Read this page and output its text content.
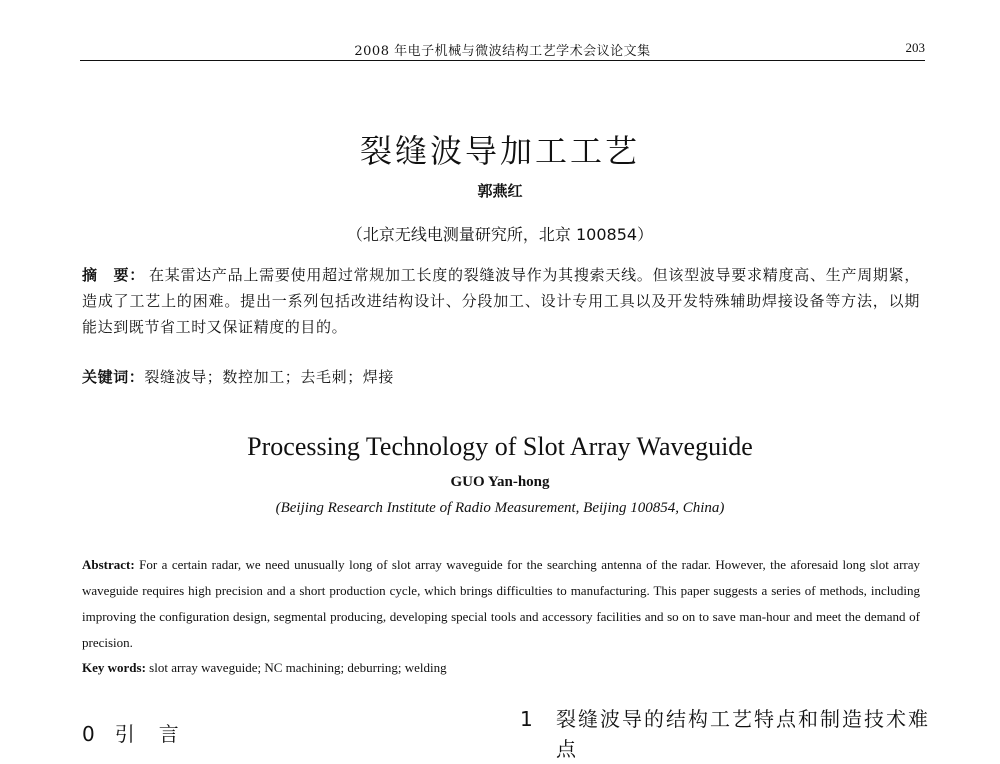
2008 年电子机械与微波结构工艺学术会议论文集	203
裂缝波导加工工艺
郭燕红
（北京无线电测量研究所，北京 100854）
摘　要： 在某雷达产品上需要使用超过常规加工长度的裂缝波导作为其搜索天线。但该型波导要求精度高、生产周期紧，造成了工艺上的困难。提出一系列包括改进结构设计、分段加工、设计专用工具以及开发特殊辅助焊接设备等方法，以期能达到既节省工时又保证精度的目的。
关键词：裂缝波导；数控加工；去毛刺；焊接
Processing Technology of Slot Array Waveguide
GUO Yan-hong
(Beijing Research Institute of Radio Measurement, Beijing 100854, China)
Abstract: For a certain radar, we need unusually long of slot array waveguide for the searching antenna of the radar. However, the aforesaid long slot array waveguide requires high precision and a short production cycle, which brings difficulties to manufacturing. This paper suggests a series of methods, including improving the configuration design, segmental producing, developing special tools and accessory facilities and so on to save man-hour and meet the demand of precision.
Key words: slot array waveguide; NC machining; deburring; welding
0 引 言
1 裂缝波导的结构工艺特点和制造技术难点
